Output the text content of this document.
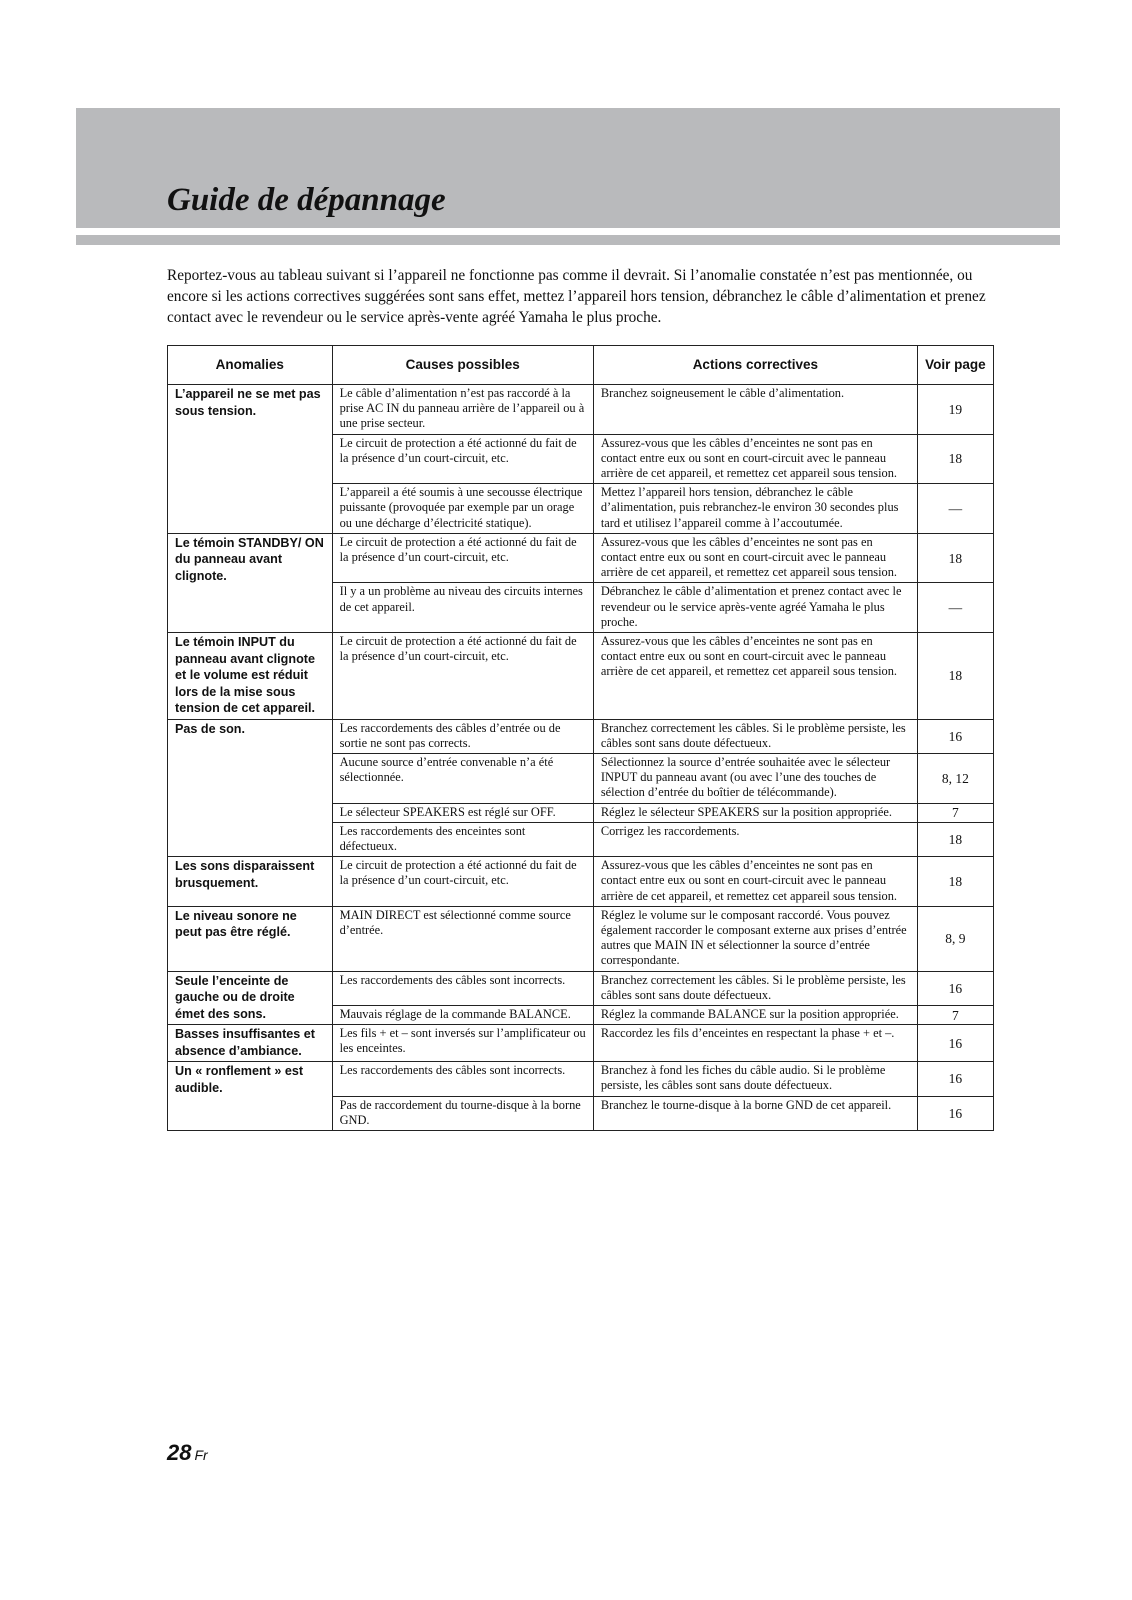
Guide de dépannage

Reportez-vous au tableau suivant si l’appareil ne fonctionne pas comme il devrait. Si l’anomalie constatée n’est pas mentionnée, ou encore si les actions correctives suggérées sont sans effet, mettez l’appareil hors tension, débranchez le câble d’alimentation et prenez contact avec le revendeur ou le service après-vente agréé Yamaha le plus proche.

Anomalies	Causes possibles	Actions correctives	Voir page
L’appareil ne se met pas sous tension.	Le câble d’alimentation n’est pas raccordé à la prise AC IN du panneau arrière de l’appareil ou à une prise secteur.	Branchez soigneusement le câble d’alimentation.	19
	Le circuit de protection a été actionné du fait de la présence d’un court-circuit, etc.	Assurez-vous que les câbles d’enceintes ne sont pas en contact entre eux ou sont en court-circuit avec le panneau arrière de cet appareil, et remettez cet appareil sous tension.	18
	L’appareil a été soumis à une secousse électrique puissante (provoquée par exemple par un orage ou une décharge d’électricité statique).	Mettez l’appareil hors tension, débranchez le câble d’alimentation, puis rebranchez-le environ 30 secondes plus tard et utilisez l’appareil comme à l’accoutumée.	—
Le témoin STANDBY/ ON du panneau avant clignote.	Le circuit de protection a été actionné du fait de la présence d’un court-circuit, etc.	Assurez-vous que les câbles d’enceintes ne sont pas en contact entre eux ou sont en court-circuit avec le panneau arrière de cet appareil, et remettez cet appareil sous tension.	18
	Il y a un problème au niveau des circuits internes de cet appareil.	Débranchez le câble d’alimentation et prenez contact avec le revendeur ou le service après-vente agréé Yamaha le plus proche.	—
Le témoin INPUT du panneau avant clignote et le volume est réduit lors de la mise sous tension de cet appareil.	Le circuit de protection a été actionné du fait de la présence d’un court-circuit, etc.	Assurez-vous que les câbles d’enceintes ne sont pas en contact entre eux ou sont en court-circuit avec le panneau arrière de cet appareil, et remettez cet appareil sous tension.	18
Pas de son.	Les raccordements des câbles d’entrée ou de sortie ne sont pas corrects.	Branchez correctement les câbles. Si le problème persiste, les câbles sont sans doute défectueux.	16
	Aucune source d’entrée convenable n’a été sélectionnée.	Sélectionnez la source d’entrée souhaitée avec le sélecteur INPUT du panneau avant (ou avec l’une des touches de sélection d’entrée du boîtier de télécommande).	8, 12
	Le sélecteur SPEAKERS est réglé sur OFF.	Réglez le sélecteur SPEAKERS sur la position appropriée.	7
	Les raccordements des enceintes sont défectueux.	Corrigez les raccordements.	18
Les sons disparaissent brusquement.	Le circuit de protection a été actionné du fait de la présence d’un court-circuit, etc.	Assurez-vous que les câbles d’enceintes ne sont pas en contact entre eux ou sont en court-circuit avec le panneau arrière de cet appareil, et remettez cet appareil sous tension.	18
Le niveau sonore ne peut pas être réglé.	MAIN DIRECT est sélectionné comme source d’entrée.	Réglez le volume sur le composant raccordé. Vous pouvez également raccorder le composant externe aux prises d’entrée autres que MAIN IN et sélectionner la source d’entrée correspondante.	8, 9
Seule l’enceinte de gauche ou de droite émet des sons.	Les raccordements des câbles sont incorrects.	Branchez correctement les câbles. Si le problème persiste, les câbles sont sans doute défectueux.	16
	Mauvais réglage de la commande BALANCE.	Réglez la commande BALANCE sur la position appropriée.	7
Basses insuffisantes et absence d’ambiance.	Les fils + et – sont inversés sur l’amplificateur ou les enceintes.	Raccordez les fils d’enceintes en respectant la phase + et –.	16
Un « ronflement » est audible.	Les raccordements des câbles sont incorrects.	Branchez à fond les fiches du câble audio. Si le problème persiste, les câbles sont sans doute défectueux.	16
	Pas de raccordement du tourne-disque à la borne GND.	Branchez le tourne-disque à la borne GND de cet appareil.	16
28 Fr
